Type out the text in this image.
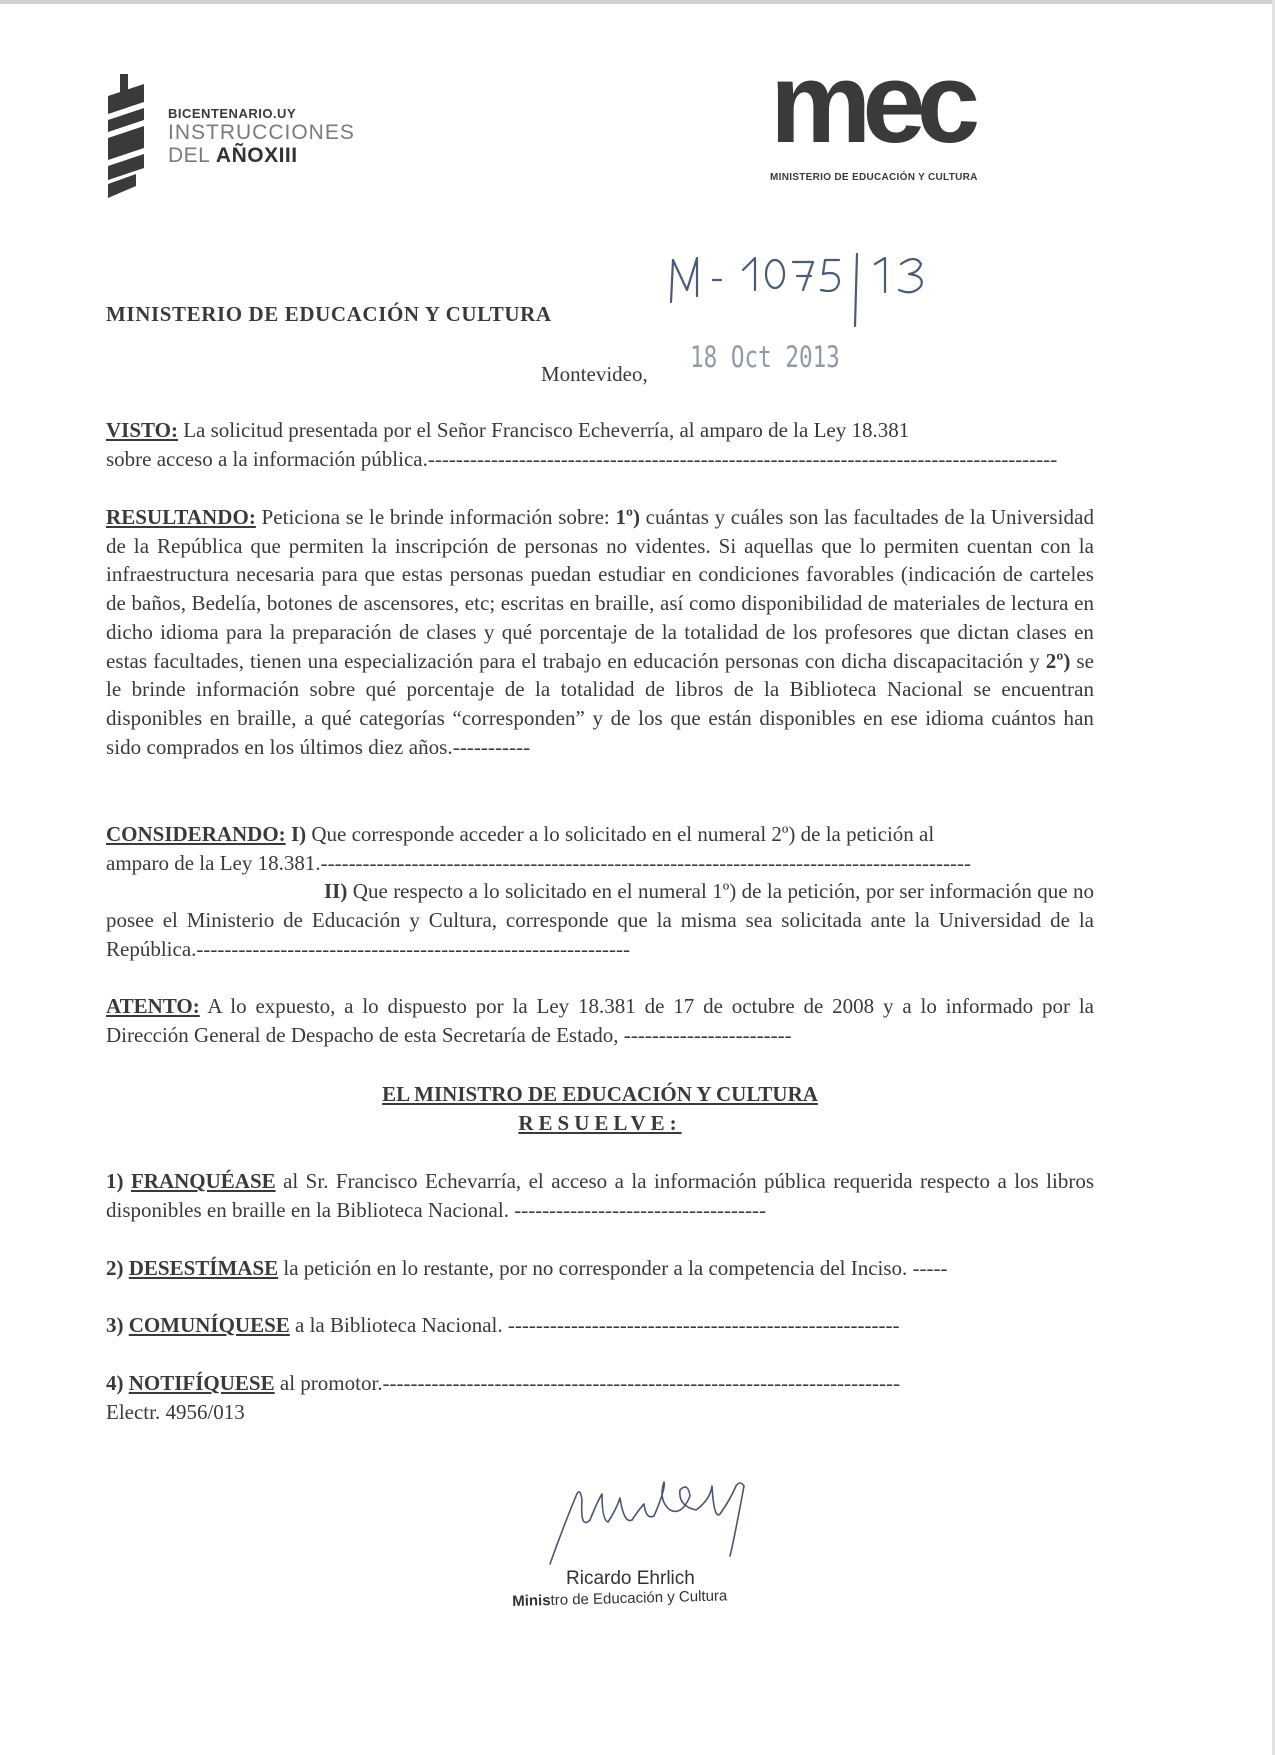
BICENTENARIO.UY
INSTRUCCIONES
DEL AÑOXIII	mec
MINISTERIO DE EDUCACIÓN Y CULTURA
18 Oct 2013
MINISTERIO DE EDUCACIÓN Y CULTURA
Montevideo,
VISTO: La solicitud presentada por el Señor Francisco Echeverría, al amparo de la Ley 18.381
sobre acceso a la información pública.------------------------------------------------------------------------------------------
RESULTANDO: Peticiona se le brinde información sobre: 1º) cuántas y cuáles son las facultades de la Universidad de la República que permiten la inscripción de personas no videntes. Si aquellas que lo permiten cuentan con la infraestructura necesaria para que estas personas puedan estudiar en condiciones favorables (indicación de carteles de baños, Bedelía, botones de ascensores, etc; escritas en braille, así como disponibilidad de materiales de lectura en dicho idioma para la preparación de clases y qué porcentaje de la totalidad de los profesores que dictan clases en estas facultades, tienen una especialización para el trabajo en educación personas con dicha discapacitación y 2º) se le brinde información sobre qué porcentaje de la totalidad de libros de la Biblioteca Nacional se encuentran disponibles en braille, a qué categorías “corresponden” y de los que están disponibles en ese idioma cuántos han sido comprados en los últimos diez años.-----------
CONSIDERANDO: I) Que corresponde acceder a lo solicitado en el numeral 2º) de la petición al
amparo de la Ley 18.381.---------------------------------------------------------------------------------------------
II) Que respecto a lo solicitado en el numeral 1º) de la petición, por ser información que no posee el Ministerio de Educación y Cultura, corresponde que la misma sea solicitada ante la Universidad de la República.--------------------------------------------------------------
ATENTO: A lo expuesto, a lo dispuesto por la Ley 18.381 de 17 de octubre de 2008 y a lo informado por la Dirección General de Despacho de esta Secretaría de Estado, ------------------------
EL MINISTRO DE EDUCACIÓN Y CULTURA
RESUELVE:
1) FRANQUÉASE al Sr. Francisco Echevarría, el acceso a la información pública requerida respecto a los libros disponibles en braille en la Biblioteca Nacional. ------------------------------------
2) DESESTÍMASE la petición en lo restante, por no corresponder a la competencia del Inciso. -----
3) COMUNÍQUESE a la Biblioteca Nacional. --------------------------------------------------------
4) NOTIFÍQUESE al promotor.--------------------------------------------------------------------------
Electr. 4956/013
Ricardo Ehrlich
Ministro de Educación y Cultura
